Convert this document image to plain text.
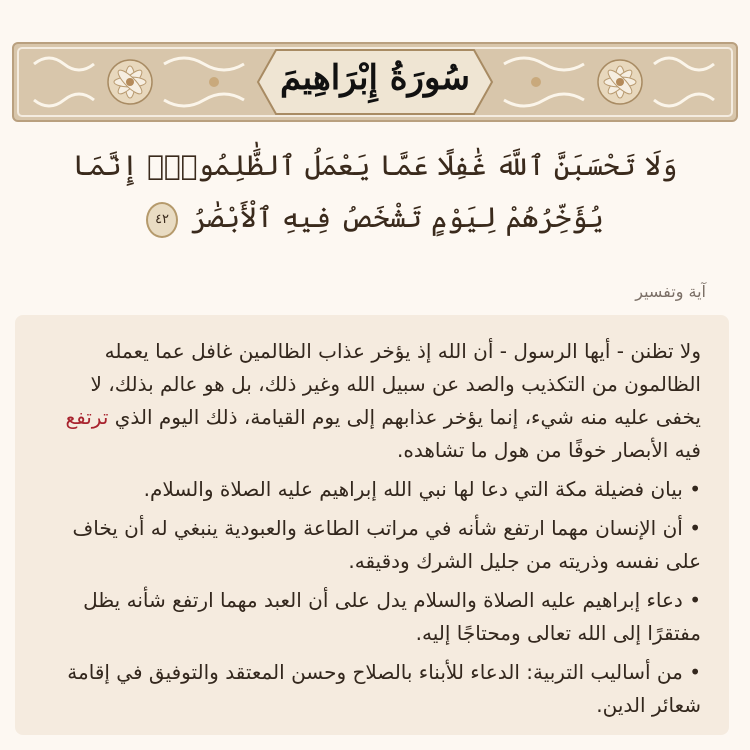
سُورَةُ إِبْرَاهِيمَ
وَلَا تَحْسَبَنَّ ٱللَّهَ غَٰفِلًا عَمَّا يَعْمَلُ ٱلظَّٰلِمُونَۚ إِنَّمَا يُؤَخِّرُهُمْ لِيَوْمٍ تَشْخَصُ فِيهِ ٱلْأَبْصَٰرُ ٤٢
آية وتفسير

ولا تظنن - أيها الرسول - أن الله إذ يؤخر عذاب الظالمين غافل عما يعمله الظالمون من التكذيب والصد عن سبيل الله وغير ذلك، بل هو عالم بذلك، لا يخفى عليه منه شيء، إنما يؤخر عذابهم إلى يوم القيامة، ذلك اليوم الذي ترتفع فيه الأبصار خوفًا من هول ما تشاهده.

• بيان فضيلة مكة التي دعا لها نبي الله إبراهيم عليه الصلاة والسلام.

• أن الإنسان مهما ارتفع شأنه في مراتب الطاعة والعبودية ينبغي له أن يخاف على نفسه وذريته من جليل الشرك ودقيقه.

• دعاء إبراهيم عليه الصلاة والسلام يدل على أن العبد مهما ارتفع شأنه يظل مفتقرًا إلى الله تعالى ومحتاجًا إليه.

• من أساليب التربية: الدعاء للأبناء بالصلاح وحسن المعتقد والتوفيق في إقامة شعائر الدين.
